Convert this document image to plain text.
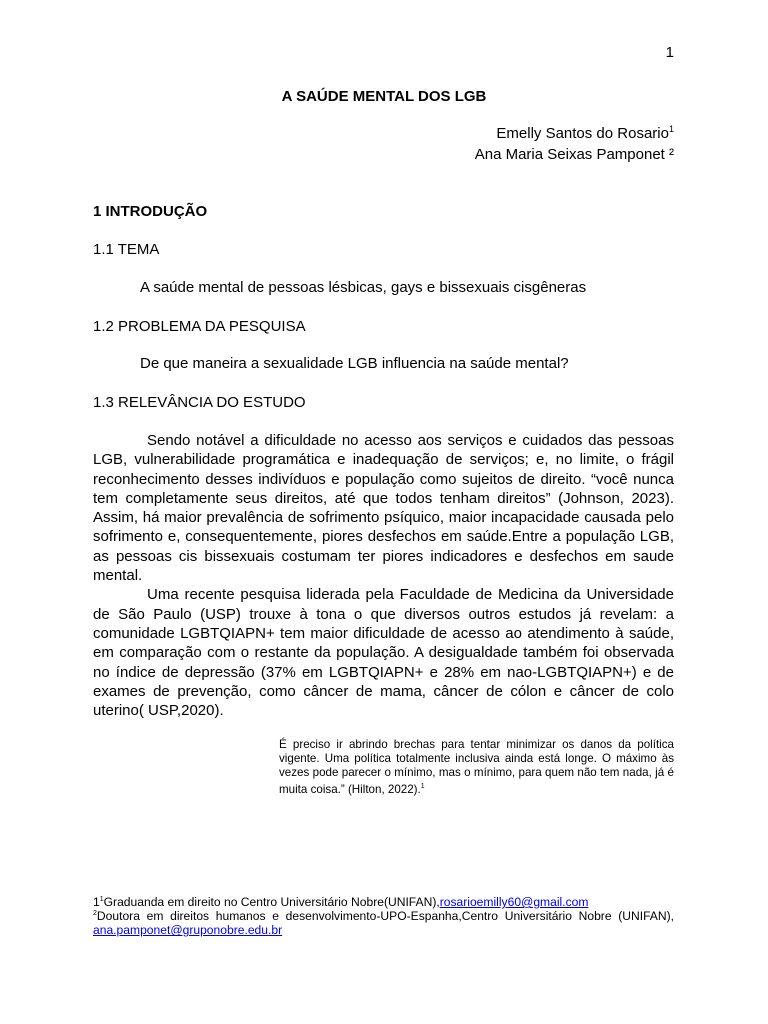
1
A SAÚDE MENTAL DOS LGB
Emelly Santos do Rosario$^1$
Ana Maria Seixas Pamponet ²
1 INTRODUÇÃO
1.1 TEMA
A saúde mental de pessoas lésbicas, gays e bissexuais cisgêneras
1.2 PROBLEMA DA PESQUISA
De que maneira a sexualidade LGB influencia na saúde mental?
1.3 RELEVÂNCIA DO ESTUDO

Sendo notável a dificuldade no acesso aos serviços e cuidados das pessoas LGB, vulnerabilidade programática e inadequação de serviços; e, no limite, o frágil reconhecimento desses indivíduos e população como sujeitos de direito. “você nunca tem completamente seus direitos, até que todos tenham direitos” (Johnson, 2023). Assim, há maior prevalência de sofrimento psíquico, maior incapacidade causada pelo sofrimento e, consequentemente, piores desfechos em saúde.Entre a população LGB, as pessoas cis bissexuais costumam ter piores indicadores e desfechos em saude mental.

Uma recente pesquisa liderada pela Faculdade de Medicina da Universidade de São Paulo (USP) trouxe à tona o que diversos outros estudos já revelam: a comunidade LGBTQIAPN+ tem maior dificuldade de acesso ao atendimento à saúde, em comparação com o restante da população. A desigualdade também foi observada no índice de depressão (37% em LGBTQIAPN+ e 28% em nao-LGBTQIAPN+) e de exames de prevenção, como câncer de mama, câncer de cólon e câncer de colo uterino( USP,2020).

É preciso ir abrindo brechas para tentar minimizar os danos da política vigente. Uma política totalmente inclusiva ainda está longe. O máximo às vezes pode parecer o mínimo, mas o mínimo, para quem não tem nada, já é muita coisa.” (Hilton, 2022).$^1$
$1^1Graduanda$ em direito no Centro Universitário Nobre(UNIFAN),rosarioemilly60@gmail.com
$^2$Doutora em direitos humanos e desenvolvimento-UPO-Espanha,Centro Universitário Nobre (UNIFAN), ana.pamponet@gruponobre.edu.br
